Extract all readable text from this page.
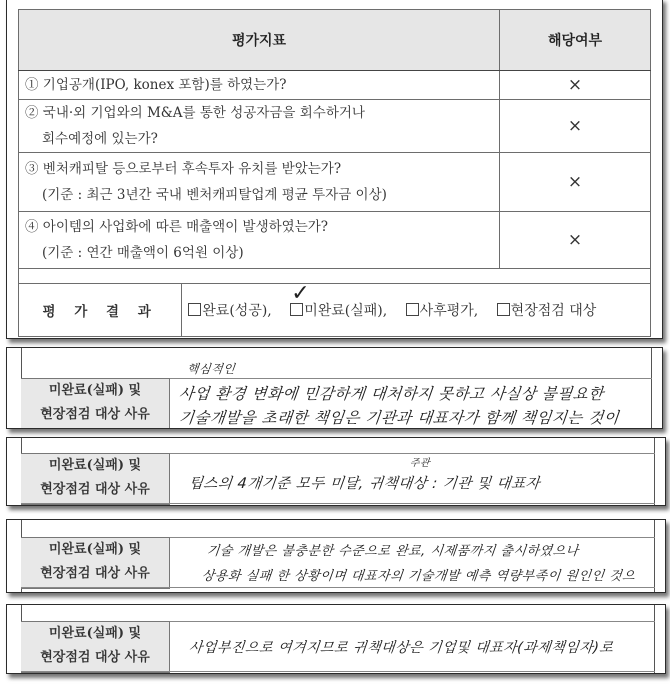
평가지표		해당여부

① 기업공개(IPO, konex 포함)를 하였는가?		×

② 국내·외 기업와의 M&A를 통한 성공자금을 회수하거나
회수예정에 있는가?		×

③ 벤처캐피탈 등으로부터 후속투자 유치를 받았는가?
(기준 : 최근 3년간 국내 벤처캐피탈업계 평균 투자금 이상)		×

④ 아이템의 사업화에 따른 매출액이 발생하였는가?
(기준 : 연간 매출액이 6억원 이상)		×

평 가 결 과	완료(성공),
✓
미완료(실패), 사후평가, 현장점검 대상	
미완료(실패) 및
현장점검 대상 사유
핵심적인
사업 환경 변화에 민감하게 대처하지 못하고 사실상 불필요한
기술개발을 초래한 책임은 기관과 대표자가 함께 책임지는 것이
미완료(실패) 및
현장점검 대상 사유
주관
팁스의 4개기준 모두 미달, 귀책대상 : 기관 및 대표자
미완료(실패) 및
현장점검 대상 사유
기술 개발은 불충분한 수준으로 완료, 시제품까지 출시하였으나
상용화 실패 한 상황이며 대표자의 기술개발 예측 역량부족이 원인인 것으
미완료(실패) 및
현장점검 대상 사유
사업부진으로 여겨지므로 귀책대상은 기업및 대표자(과제책임자)로
